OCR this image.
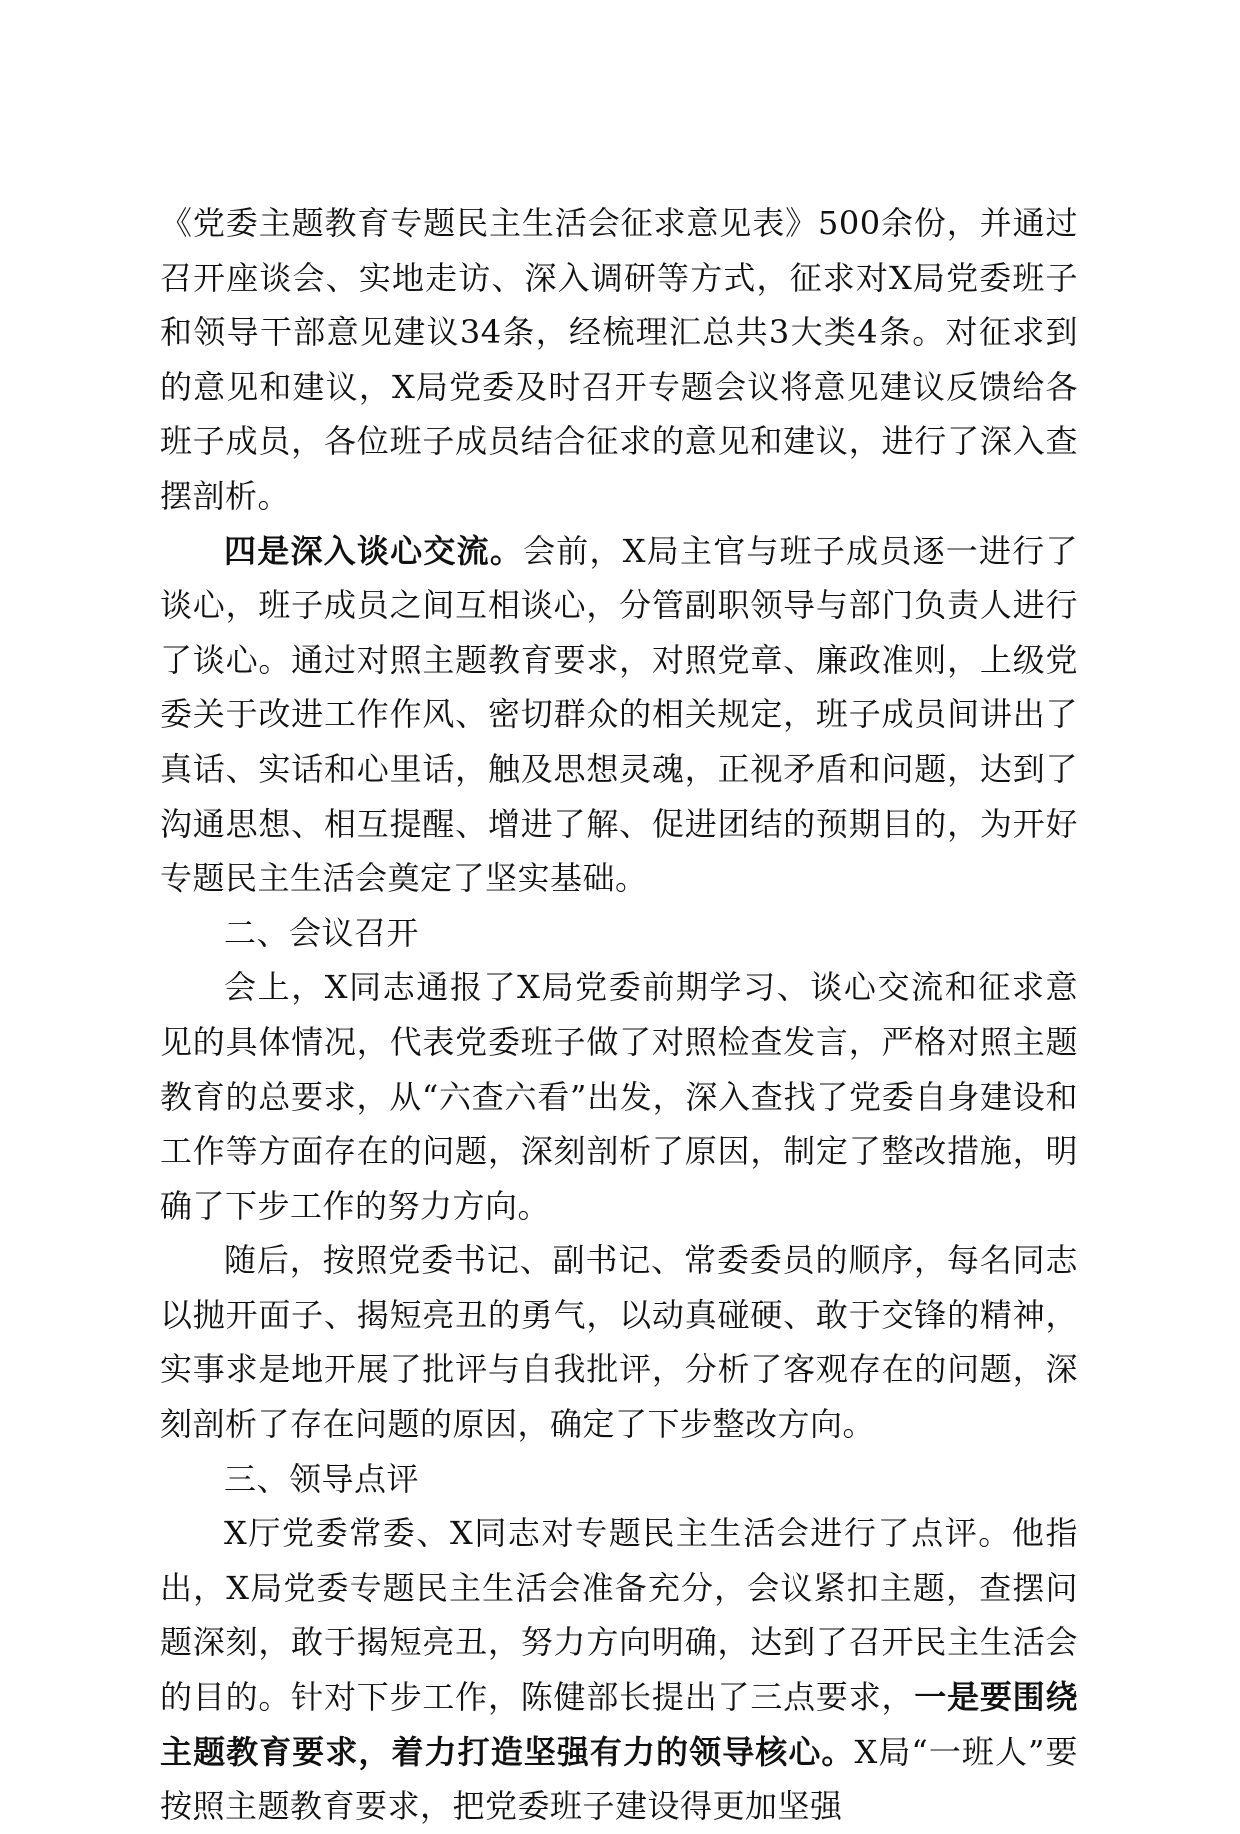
《党委主题教育专题民主生活会征求意见表》500余份，并通过召开座谈会、实地走访、深入调研等方式，征求对X局党委班子和领导干部意见建议34条，经梳理汇总共3大类4条。对征求到的意见和建议，X局党委及时召开专题会议将意见建议反馈给各班子成员，各位班子成员结合征求的意见和建议，进行了深入查摆剖析。

四是深入谈心交流。会前，X局主官与班子成员逐一进行了谈心，班子成员之间互相谈心，分管副职领导与部门负责人进行了谈心。通过对照主题教育要求，对照党章、廉政准则，上级党委关于改进工作作风、密切群众的相关规定，班子成员间讲出了真话、实话和心里话，触及思想灵魂，正视矛盾和问题，达到了沟通思想、相互提醒、增进了解、促进团结的预期目的，为开好专题民主生活会奠定了坚实基础。

二、会议召开

会上，X同志通报了X局党委前期学习、谈心交流和征求意见的具体情况，代表党委班子做了对照检查发言，严格对照主题教育的总要求，从“六查六看”出发，深入查找了党委自身建设和工作等方面存在的问题，深刻剖析了原因，制定了整改措施，明确了下步工作的努力方向。

随后，按照党委书记、副书记、常委委员的顺序，每名同志以抛开面子、揭短亮丑的勇气，以动真碰硬、敢于交锋的精神，实事求是地开展了批评与自我批评，分析了客观存在的问题，深刻剖析了存在问题的原因，确定了下步整改方向。

三、领导点评

X厅党委常委、X同志对专题民主生活会进行了点评。他指出，X局党委专题民主生活会准备充分，会议紧扣主题，查摆问题深刻，敢于揭短亮丑，努力方向明确，达到了召开民主生活会的目的。针对下步工作，陈健部长提出了三点要求，一是要围绕主题教育要求，着力打造坚强有力的领导核心。X局“一班人”要按照主题教育要求，把党委班子建设得更加坚强
